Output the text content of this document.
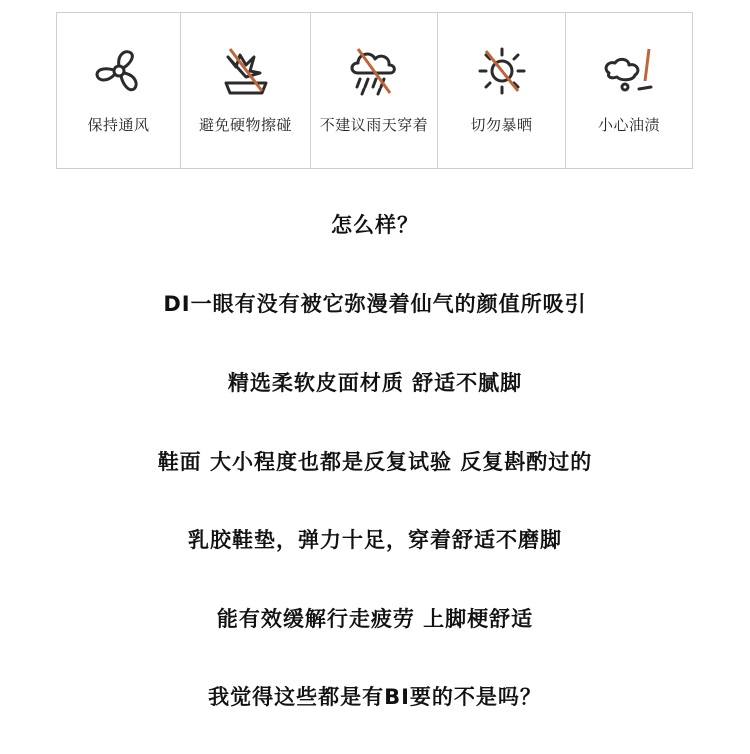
保持通风	避免硬物擦碰	不建议雨天穿着	切勿暴晒	小心油渍
怎么样？
DI一眼有没有被它弥漫着仙气的颜值所吸引
精选柔软皮面材质 舒适不腻脚
鞋面 大小程度也都是反复试验 反复斟酌过的
乳胶鞋垫，弹力十足，穿着舒适不磨脚
能有效缓解行走疲劳 上脚梗舒适
我觉得这些都是有BI要的不是吗？
